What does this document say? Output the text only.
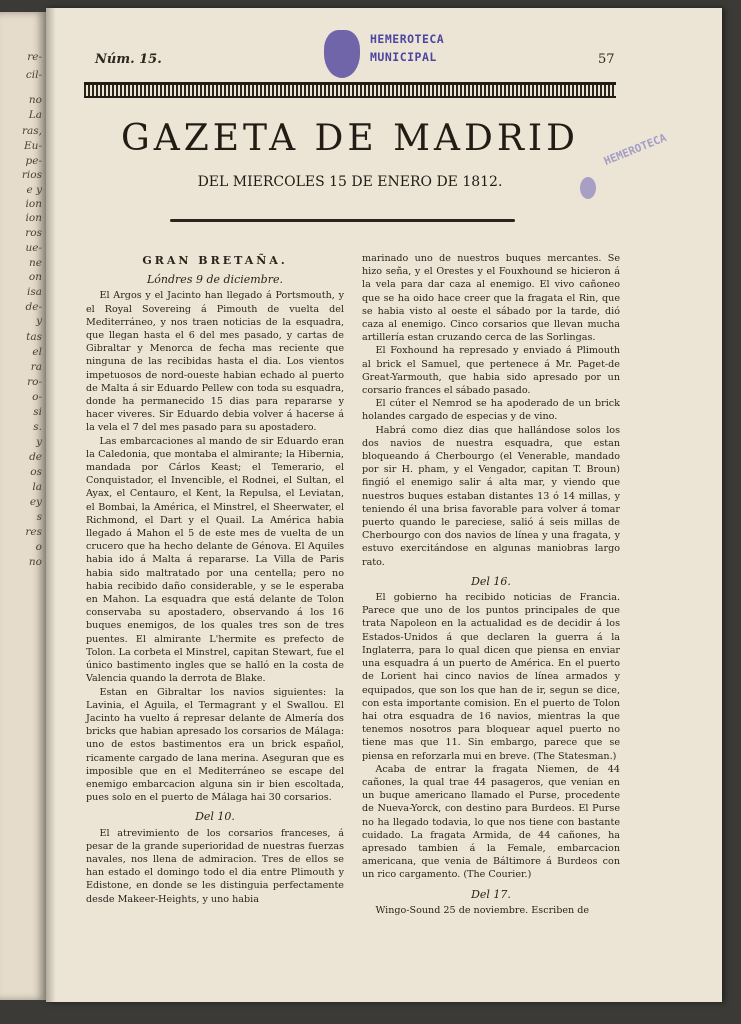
re-
cil-
no
La
ras,
Eu-
pe-
rios
e y
ion
ion
ros
ue-
ne
on
isa
de-
y
tas
el
ra
ro-
o-
si
s.
y
de
os
la
ey
s
res
o
no
Núm. 15.	57
HEMEROTECA
MUNICIPAL
HEMEROTECA
GAZETA DE MADRID
DEL MIERCOLES 15 DE ENERO DE 1812.

GRAN BRETAÑA.

Lóndres 9 de diciembre.

El Argos y el Jacinto han llegado á Portsmouth, y el Royal Sovereing á Pimouth de vuelta del Mediterráneo, y nos traen noticias de la esquadra, que llegan hasta el 6 del mes pasado, y cartas de Gibraltar y Menorca de fecha mas reciente que ninguna de las recibidas hasta el dia. Los vientos impetuosos de nord-oueste habian echado al puerto de Malta á sir Eduardo Pellew con toda su esquadra, donde ha permanecido 15 dias para repararse y hacer viveres. Sir Eduardo debia volver á hacerse á la vela el 7 del mes pasado para su apostadero.

Las embarcaciones al mando de sir Eduardo eran la Caledonia, que montaba el almirante; la Hibernia, mandada por Cárlos Keast; el Temerario, el Conquistador, el Invencible, el Rodnei, el Sultan, el Ayax, el Centauro, el Kent, la Repulsa, el Leviatan, el Bombai, la América, el Minstrel, el Sheerwater, el Richmond, el Dart y el Quail. La América habia llegado á Mahon el 5 de este mes de vuelta de un crucero que ha hecho delante de Génova. El Aquiles habia ido á Malta á repararse. La Villa de Paris habia sido maltratado por una centella; pero no habia recibido daño considerable, y se le esperaba en Mahon. La esquadra que está delante de Tolon conservaba su apostadero, observando á los 16 buques enemigos, de los quales tres son de tres puentes. El almirante L'hermite es prefecto de Tolon. La corbeta el Minstrel, capitan Stewart, fue el único bastimento ingles que se halló en la costa de Valencia quando la derrota de Blake.

Estan en Gibraltar los navios siguientes: la Lavinia, el Aguila, el Termagrant y el Swallou. El Jacinto ha vuelto á represar delante de Almería dos bricks que habian apresado los corsarios de Málaga: uno de estos bastimentos era un brick español, ricamente cargado de lana merina. Aseguran que es imposible que en el Mediterráneo se escape del enemigo embarcacion alguna sin ir bien escoltada, pues solo en el puerto de Málaga hai 30 corsarios.

Del 10.

El atrevimiento de los corsarios franceses, á pesar de la grande superioridad de nuestras fuerzas navales, nos llena de admiracion. Tres de ellos se han estado el domingo todo el dia entre Plimouth y Edistone, en donde se les distinguia perfectamente desde Makeer-Heights, y uno habia

marinado uno de nuestros buques mercantes. Se hizo seña, y el Orestes y el Fouxhound se hicieron á la vela para dar caza al enemigo. El vivo cañoneo que se ha oido hace creer que la fragata el Rin, que se habia visto al oeste el sábado por la tarde, dió caza al enemigo. Cinco corsarios que llevan mucha artillería estan cruzando cerca de las Sorlingas.

El Foxhound ha represado y enviado á Plimouth al brick el Samuel, que pertenece á Mr. Paget-de Great-Yarmouth, que habia sido apresado por un corsario frances el sábado pasado.

El cúter el Nemrod se ha apoderado de un brick holandes cargado de especias y de vino.

Habrá como diez dias que hallándose solos los dos navios de nuestra esquadra, que estan bloqueando á Cherbourgo (el Venerable, mandado por sir H. pham, y el Vengador, capitan T. Broun) fingió el enemigo salir á alta mar, y viendo que nuestros buques estaban distantes 13 ó 14 millas, y teniendo él una brisa favorable para volver á tomar puerto quando le pareciese, salió á seis millas de Cherbourgo con dos navios de línea y una fragata, y estuvo exercitándose en algunas maniobras largo rato.

Del 16.

El gobierno ha recibido noticias de Francia. Parece que uno de los puntos principales de que trata Napoleon en la actualidad es de decidir á los Estados-Unidos á que declaren la guerra á la Inglaterra, para lo qual dicen que piensa en enviar una esquadra á un puerto de América. En el puerto de Lorient hai cinco navios de línea armados y equipados, que son los que han de ir, segun se dice, con esta importante comision. En el puerto de Tolon hai otra esquadra de 16 navios, mientras la que tenemos nosotros para bloquear aquel puerto no tiene mas que 11. Sin embargo, parece que se piensa en reforzarla mui en breve. (The Statesman.)

Acaba de entrar la fragata Niemen, de 44 cañones, la qual trae 44 pasageros, que venian en un buque americano llamado el Purse, procedente de Nueva-Yorck, con destino para Burdeos. El Purse no ha llegado todavia, lo que nos tiene con bastante cuidado. La fragata Armida, de 44 cañones, ha apresado tambien á la Female, embarcacion americana, que venia de Báltimore á Burdeos con un rico cargamento. (The Courier.)

Del 17.

Wingo-Sound 25 de noviembre. Escriben de
